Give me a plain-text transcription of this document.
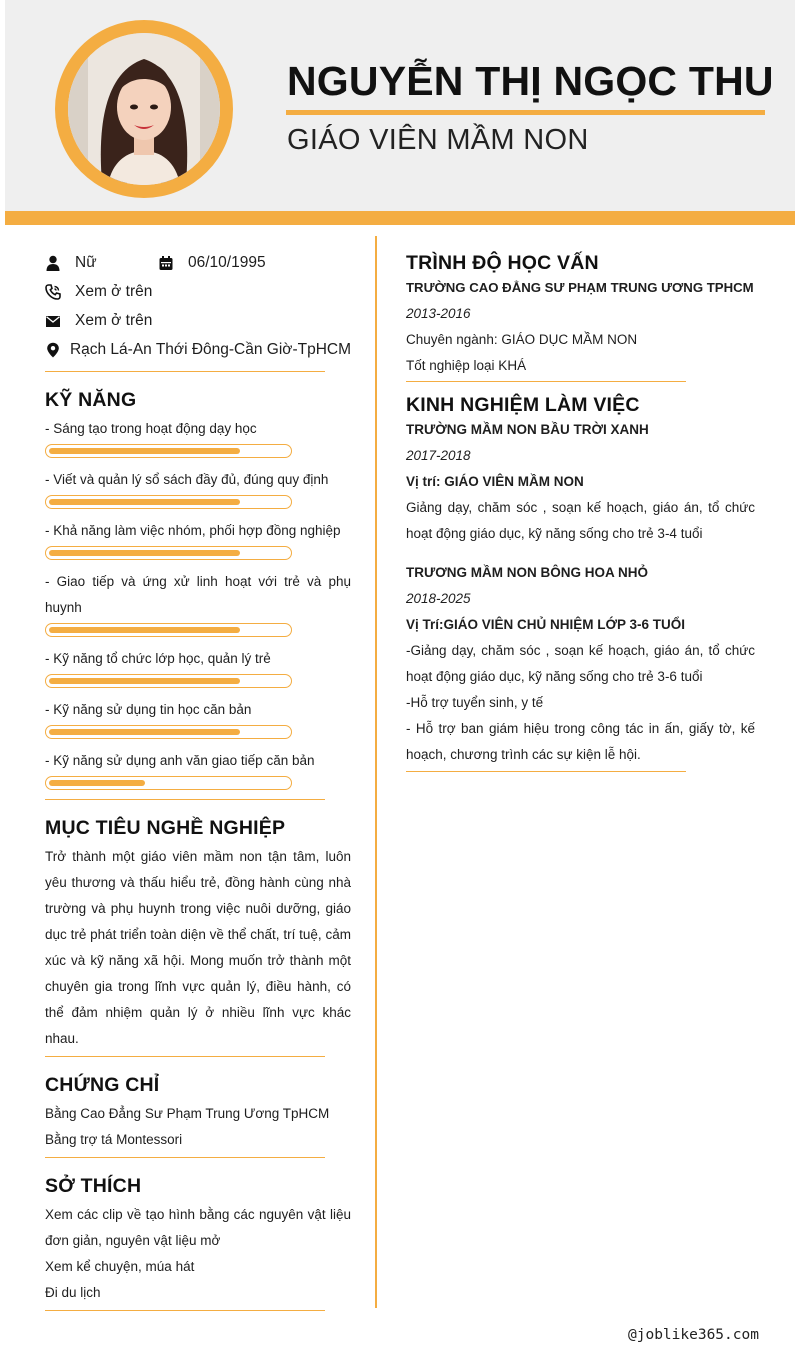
NGUYỄN THỊ NGỌC THU
GIÁO VIÊN MẦM NON
Nữ	06/10/1995
Xem ở trên
Xem ở trên
Rạch Lá-An Thới Đông-Cần Giờ-TpHCM
KỸ NĂNG
- Sáng tạo trong hoạt động dạy học
- Viết và quản lý sổ sách đầy đủ, đúng quy định
- Khả năng làm việc nhóm, phối hợp đồng nghiệp
- Giao tiếp và ứng xử linh hoạt với trẻ và phụ huynh
- Kỹ năng tổ chức lớp học, quản lý trẻ
- Kỹ năng sử dụng tin học căn bản
- Kỹ năng sử dụng anh văn giao tiếp căn bản
MỤC TIÊU NGHỀ NGHIỆP
Trở thành một giáo viên mầm non tận tâm, luôn yêu thương và thấu hiểu trẻ, đồng hành cùng nhà trường và phụ huynh trong việc nuôi dưỡng, giáo dục trẻ phát triển toàn diện về thể chất, trí tuệ, cảm xúc và kỹ năng xã hội. Mong muốn trở thành một chuyên gia trong lĩnh vực quản lý, điều hành, có thể đảm nhiệm quản lý ở nhiều lĩnh vực khác nhau.
CHỨNG CHỈ
Bằng Cao Đẳng Sư Phạm Trung Ương TpHCM
Bằng trợ tá Montessori
SỞ THÍCH
Xem các clip về tạo hình bằng các nguyên vật liệu đơn giản, nguyên vật liệu mở
Xem kể chuyện, múa hát
Đi du lịch
TRÌNH ĐỘ HỌC VẤN
TRƯỜNG CAO ĐẲNG SƯ PHẠM TRUNG ƯƠNG TPHCM
2013-2016
Chuyên ngành: GIÁO DỤC MẦM NON
Tốt nghiệp loại KHÁ
KINH NGHIỆM LÀM VIỆC
TRƯỜNG MẦM NON BẦU TRỜI XANH
2017-2018
Vị trí: GIÁO VIÊN MẦM NON
Giảng dạy, chăm sóc , soạn kế hoạch, giáo án, tổ chức hoạt động giáo dục, kỹ năng sống cho trẻ 3-4 tuổi
TRƯƠNG MẦM NON BÔNG HOA NHỎ
2018-2025
Vị Trí:GIÁO VIÊN CHỦ NHIỆM LỚP 3-6 TUỔI
-Giảng dạy, chăm sóc , soạn kế hoạch, giáo án, tổ chức hoạt động giáo dục, kỹ năng sống cho trẻ 3-6 tuổi
-Hỗ trợ tuyển sinh, y tế
- Hỗ trợ ban giám hiệu trong công tác in ấn, giấy tờ, kế hoạch, chương trình các sự kiện lễ hội.
@joblike365.com
